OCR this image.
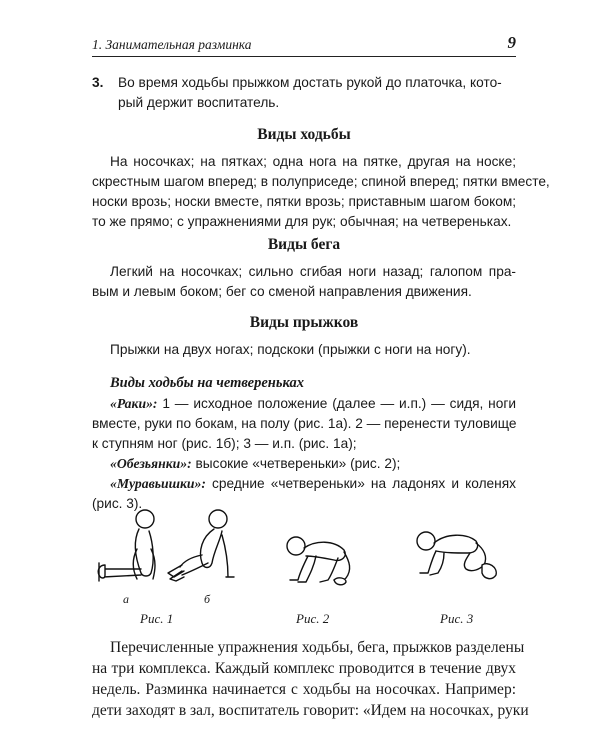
1. Занимательная разминка	9
3. Во время ходьбы прыжком достать рукой до платочка, кото-
рый держит воспитатель.
Виды ходьбы
На носочках; на пятках; одна нога на пятке, другая на носке;
скрестным шагом вперед; в полуприседе; спиной вперед; пятки вместе,
носки врозь; носки вместе, пятки врозь; приставным шагом боком;
то же прямо; с упражнениями для рук; обычная; на четвереньках.
Виды бега
Легкий на носочках; сильно сгибая ноги назад; галопом пра-
вым и левым боком; бег со сменой направления движения.
Виды прыжков
Прыжки на двух ногах; подскоки (прыжки с ноги на ногу).
Виды ходьбы на четвереньках
«Раки»: 1 — исходное положение (далее — и.п.) — сидя, ноги
вместе, руки по бокам, на полу (рис. 1а). 2 — перенести туловище
к ступням ног (рис. 1б); 3 — и.п. (рис. 1а);
«Обезьянки»: высокие «четвереньки» (рис. 2);
«Муравьишки»: средние «четвереньки» на ладонях и коленях
(рис. 3).
а	б
Рис. 1	Рис. 2	Рис. 3
Перечисленные упражнения ходьбы, бега, прыжков разделены
на три комплекса. Каждый комплекс проводится в течение двух
недель. Разминка начинается с ходьбы на носочках. Например:
дети заходят в зал, воспитатель говорит: «Идем на носочках, руки
